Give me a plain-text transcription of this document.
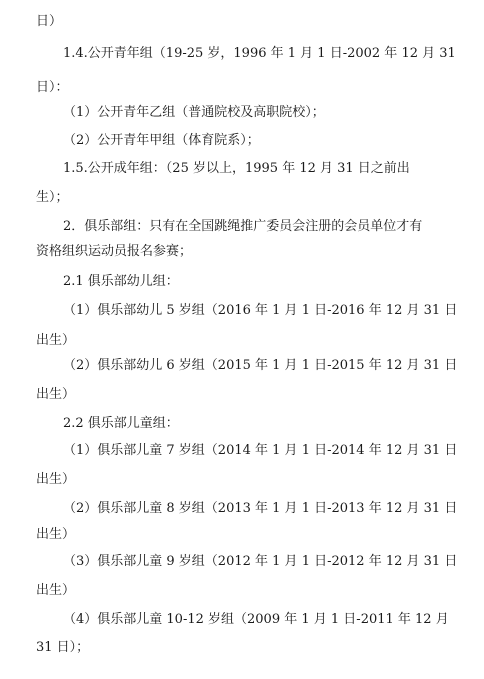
日）
1.4.公开青年组（19-25 岁，1996 年 1 月 1 日-2002 年 12 月 31
日）：
（1）公开青年乙组（普通院校及高职院校）；
（2）公开青年甲组（体育院系）；
1.5.公开成年组：（25 岁以上，1995 年 12 月 31 日之前出
生）；
2．俱乐部组：只有在全国跳绳推广委员会注册的会员单位才有
资格组织运动员报名参赛；
2.1 俱乐部幼儿组：
（1）俱乐部幼儿 5 岁组（2016 年 1 月 1 日-2016 年 12 月 31 日
出生）
（2）俱乐部幼儿 6 岁组（2015 年 1 月 1 日-2015 年 12 月 31 日
出生）
2.2 俱乐部儿童组：
（1）俱乐部儿童 7 岁组（2014 年 1 月 1 日-2014 年 12 月 31 日
出生）
（2）俱乐部儿童 8 岁组（2013 年 1 月 1 日-2013 年 12 月 31 日
出生）
（3）俱乐部儿童 9 岁组（2012 年 1 月 1 日-2012 年 12 月 31 日
出生）
（4）俱乐部儿童 10-12 岁组（2009 年 1 月 1 日-2011 年 12 月
31 日）；
